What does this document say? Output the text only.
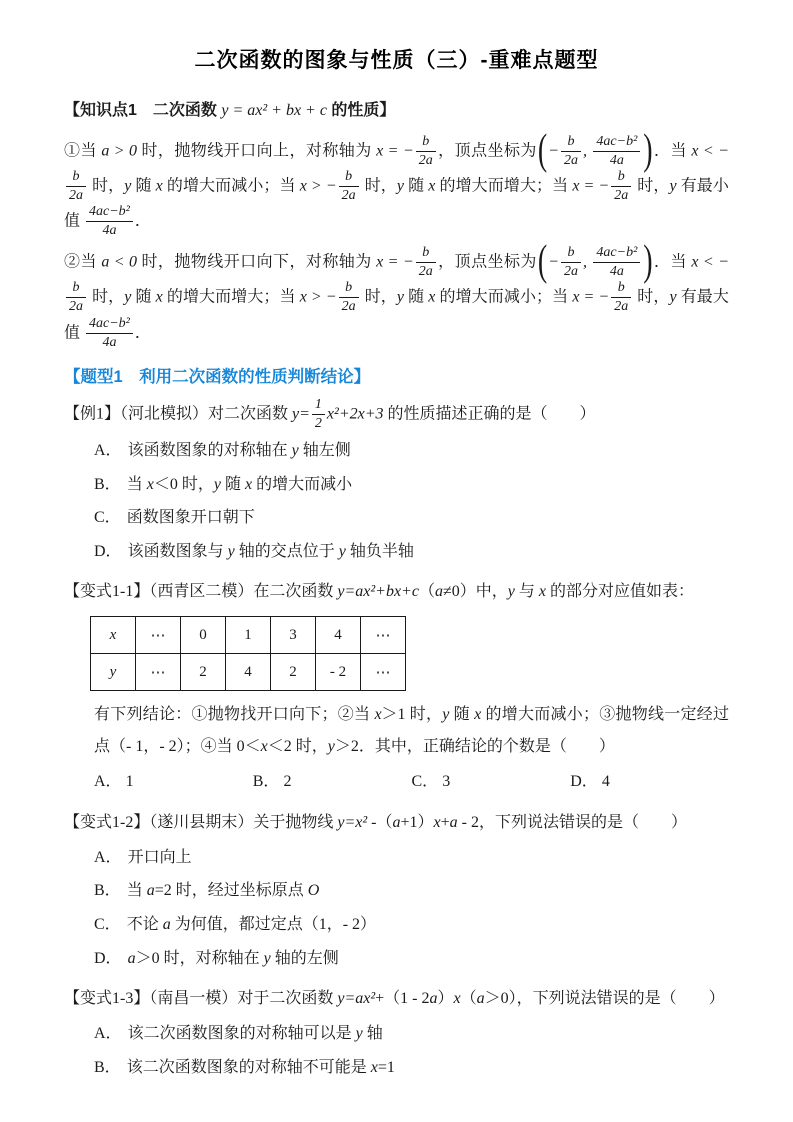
二次函数的图象与性质（三）-重难点题型

【知识点1　二次函数 y = ax² + bx + c 的性质】

①当 a > 0 时，抛物线开口向上，对称轴为 x = − $\frac{b}{2a}$ ，顶点坐标为(− $\frac{b}{2a}$ , $\frac{\text{4ac−b²}}{4a}$ )．当 x < −
$\frac{b}{2a}$ 时，y 随 x 的增大而减小；当 x > − $\frac{b}{2a}$ 时，y 随 x 的增大而增大；当 x = − $\frac{b}{2a}$ 时，y 有最小值 $\frac{\text{4ac−b²}}{4a}$ ．

②当 a < 0 时，抛物线开口向下，对称轴为 x = − $\frac{b}{2a}$ ，顶点坐标为(− $\frac{b}{2a}$ , $\frac{\text{4ac−b²}}{4a}$ )．当 x < −
$\frac{b}{2a}$ 时，y 随 x 的增大而增大；当 x > − $\frac{b}{2a}$ 时，y 随 x 的增大而减小；当 x = − $\frac{b}{2a}$ 时，y 有最大值 $\frac{\text{4ac−b²}}{4a}$ ．

【题型1　利用二次函数的性质判断结论】

【例1】（河北模拟）对二次函数 $y= \frac{1}{2} x^2+2x+3$ 的性质描述正确的是（　　）

A． 该函数图象的对称轴在 y 轴左侧
B． 当 x＜0 时，y 随 x 的增大而减小
C． 函数图象开口朝下
D． 该函数图象与 y 轴的交点位于 y 轴负半轴

【变式1-1】（西青区二模）在二次函数 y=ax²+bx+c（a≠0）中，y 与 x 的部分对应值如表：

x	⋯	0	1	3	4	⋯
y	⋯	2	4	2	- 2	⋯

有下列结论：①抛物找开口向下；②当 x＞1 时，y 随 x 的增大而减小；③抛物线一定经过点（- 1，- 2）；④当 0＜x＜2 时，y＞2．其中，正确结论的个数是（　　）

A． 1	B． 2	C． 3	D． 4

【变式1-2】（遂川县期末）关于抛物线 y=x² -（a+1）x+a - 2，下列说法错误的是（　　）

A． 开口向上
B． 当 a=2 时，经过坐标原点 O
C． 不论 a 为何值，都过定点（1，- 2）
D． a＞0 时，对称轴在 y 轴的左侧

【变式1-3】（南昌一模）对于二次函数 y=ax²+（1 - 2a）x（a＞0），下列说法错误的是（　　）

A． 该二次函数图象的对称轴可以是 y 轴
B． 该二次函数图象的对称轴不可能是 x=1
